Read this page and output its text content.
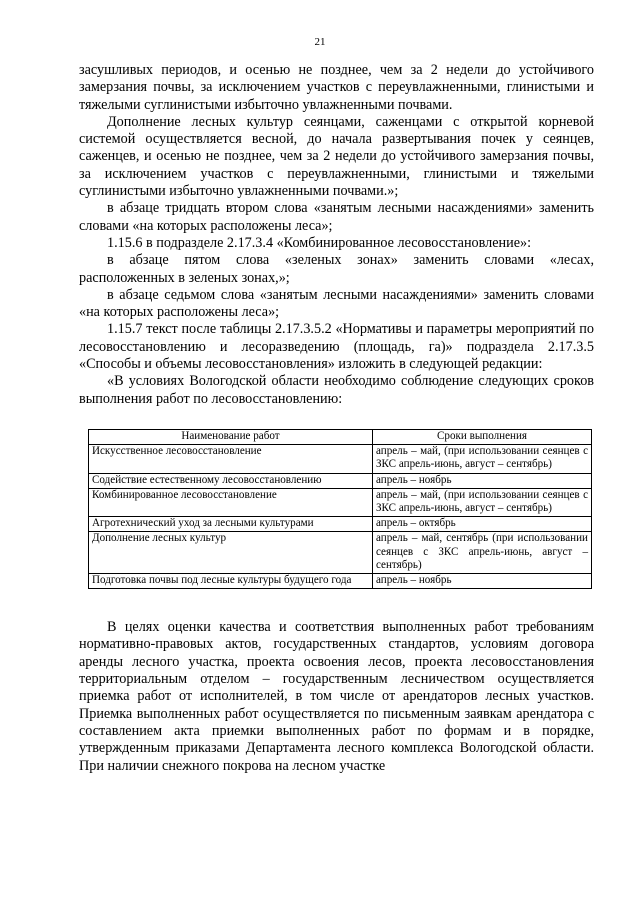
21

засушливых периодов, и осенью не позднее, чем за 2 недели до устойчивого замерзания почвы, за исключением участков с переувлажненными, глинистыми и тяжелыми суглинистыми избыточно увлажненными почвами.

Дополнение лесных культур сеянцами, саженцами с открытой корневой системой осуществляется весной, до начала развертывания почек у сеянцев, саженцев, и осенью не позднее, чем за 2 недели до устойчивого замерзания почвы, за исключением участков с переувлажненными, глинистыми и тяжелыми суглинистыми избыточно увлажненными почвами.»;

в абзаце тридцать втором слова «занятым лесными насаждениями» заменить словами «на которых расположены леса»;

1.15.6 в подразделе 2.17.3.4 «Комбинированное лесовосстановление»:

в абзаце пятом слова «зеленых зонах» заменить словами «лесах, расположенных в зеленых зонах,»;

в абзаце седьмом слова «занятым лесными насаждениями» заменить словами «на которых расположены леса»;

1.15.7 текст после таблицы 2.17.3.5.2 «Нормативы и параметры мероприятий по лесовосстановлению и лесоразведению (площадь, га)» подраздела 2.17.3.5 «Способы и объемы лесовосстановления» изложить в следующей редакции:

«В условиях Вологодской области необходимо соблюдение следующих сроков выполнения работ по лесовосстановлению:

Наименование работ	Сроки выполнения
Искусственное лесовосстановление	апрель – май, (при использовании сеянцев с ЗКС апрель-июнь, август – сентябрь)
Содействие естественному лесовосстановлению	апрель – ноябрь
Комбинированное лесовосстановление	апрель – май, (при использовании сеянцев с ЗКС апрель-июнь, август – сентябрь)
Агротехнический уход за лесными культурами	апрель – октябрь
Дополнение лесных культур	апрель – май, сентябрь (при использовании сеянцев с ЗКС апрель-июнь, август – сентябрь)
Подготовка почвы под лесные культуры будущего года	апрель – ноябрь

В целях оценки качества и соответствия выполненных работ требованиям нормативно-правовых актов, государственных стандартов, условиям договора аренды лесного участка, проекта освоения лесов, проекта лесовосстановления территориальным отделом – государственным лесничеством осуществляется приемка работ от исполнителей, в том числе от арендаторов лесных участков. Приемка выполненных работ осуществляется по письменным заявкам арендатора с составлением акта приемки выполненных работ по формам и в порядке, утвержденным приказами Департамента лесного комплекса Вологодской области. При наличии снежного покрова на лесном участке
